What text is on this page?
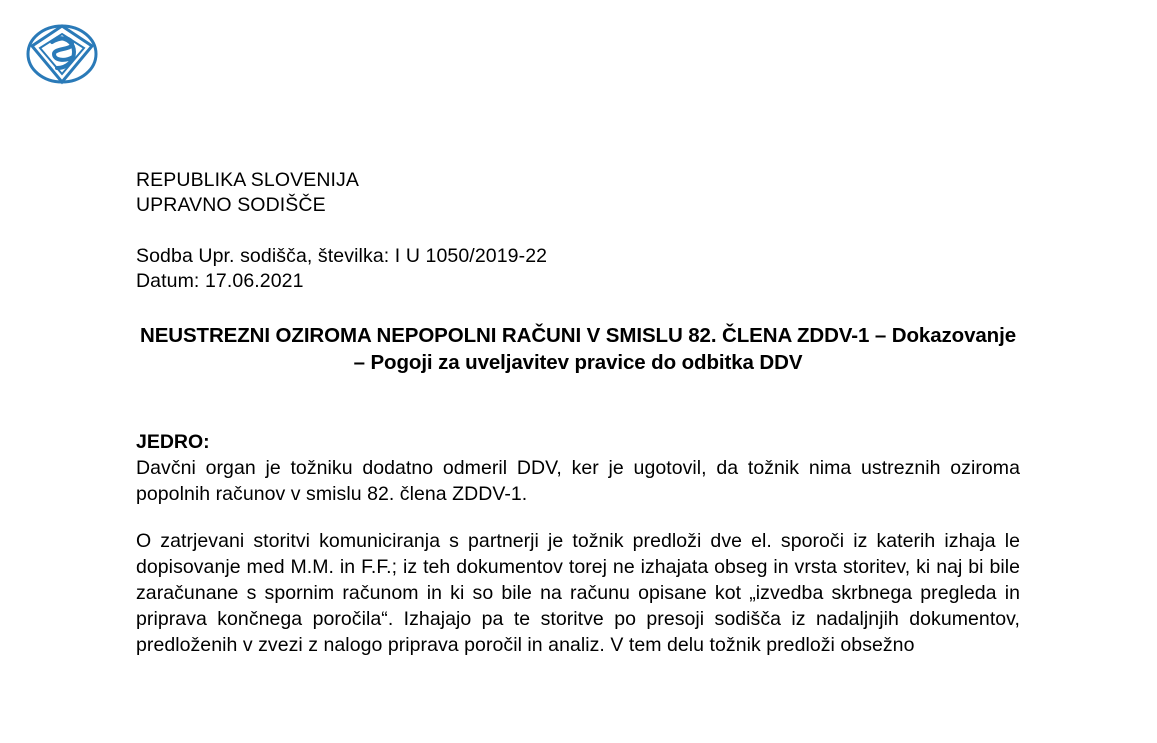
REPUBLIKA SLOVENIJA
UPRAVNO SODIŠČE
Sodba Upr. sodišča, številka: I U 1050/2019-22
Datum: 17.06.2021
NEUSTREZNI OZIROMA NEPOPOLNI RAČUNI V SMISLU 82. ČLENA ZDDV-1 – Dokazovanje – Pogoji za uveljavitev pravice do odbitka DDV
JEDRO:
Davčni organ je tožniku dodatno odmeril DDV, ker je ugotovil, da tožnik nima ustreznih oziroma popolnih računov v smislu 82. člena ZDDV-1.
O zatrjevani storitvi komuniciranja s partnerji je tožnik predloži dve el. sporoči iz katerih izhaja le dopisovanje med M.M. in F.F.; iz teh dokumentov torej ne izhajata obseg in vrsta storitev, ki naj bi bile zaračunane s spornim računom in ki so bile na računu opisane kot „izvedba skrbnega pregleda in priprava končnega poročila“. Izhajajo pa te storitve po presoji sodišča iz nadaljnjih dokumentov, predloženih v zvezi z nalogo priprava poročil in analiz. V tem delu tožnik predloži obsežno
